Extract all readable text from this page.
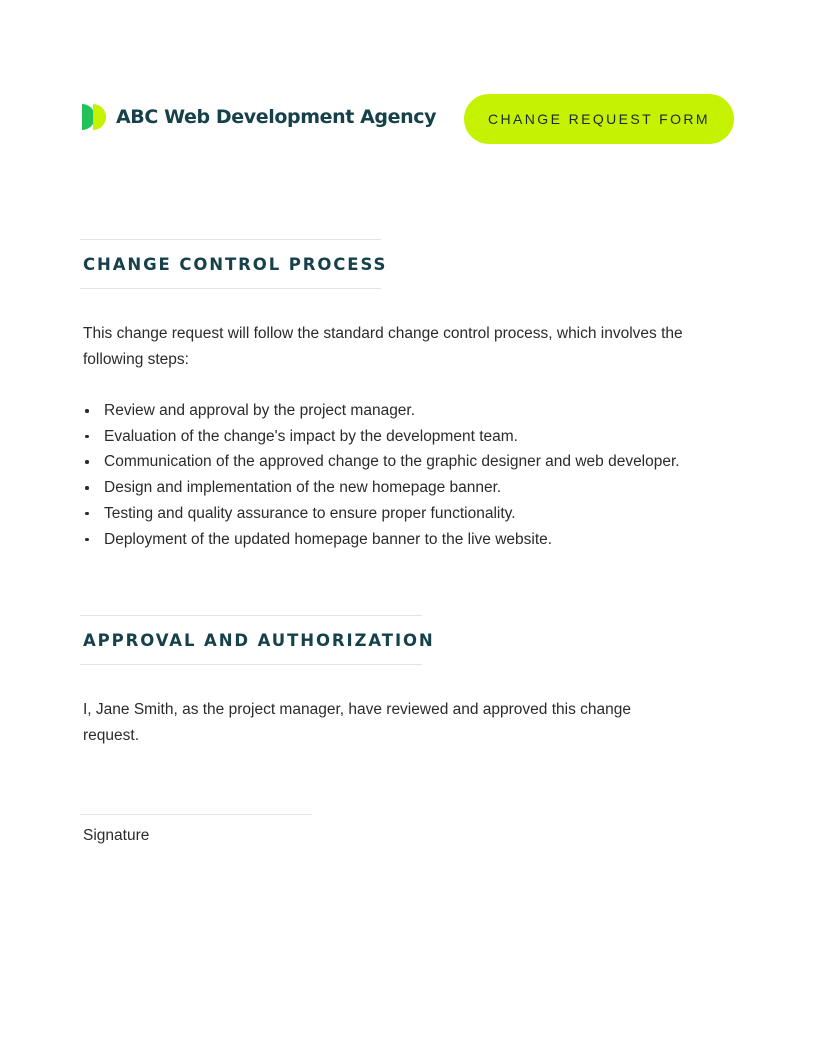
ABC Web Development Agency	CHANGE REQUEST FORM
CHANGE CONTROL PROCESS

This change request will follow the standard change control process, which involves the following steps:

Review and approval by the project manager.
Evaluation of the change's impact by the development team.
Communication of the approved change to the graphic designer and web developer.
Design and implementation of the new homepage banner.
Testing and quality assurance to ensure proper functionality.
Deployment of the updated homepage banner to the live website.
APPROVAL AND AUTHORIZATION

I, Jane Smith, as the project manager, have reviewed and approved this change request.

Signature
